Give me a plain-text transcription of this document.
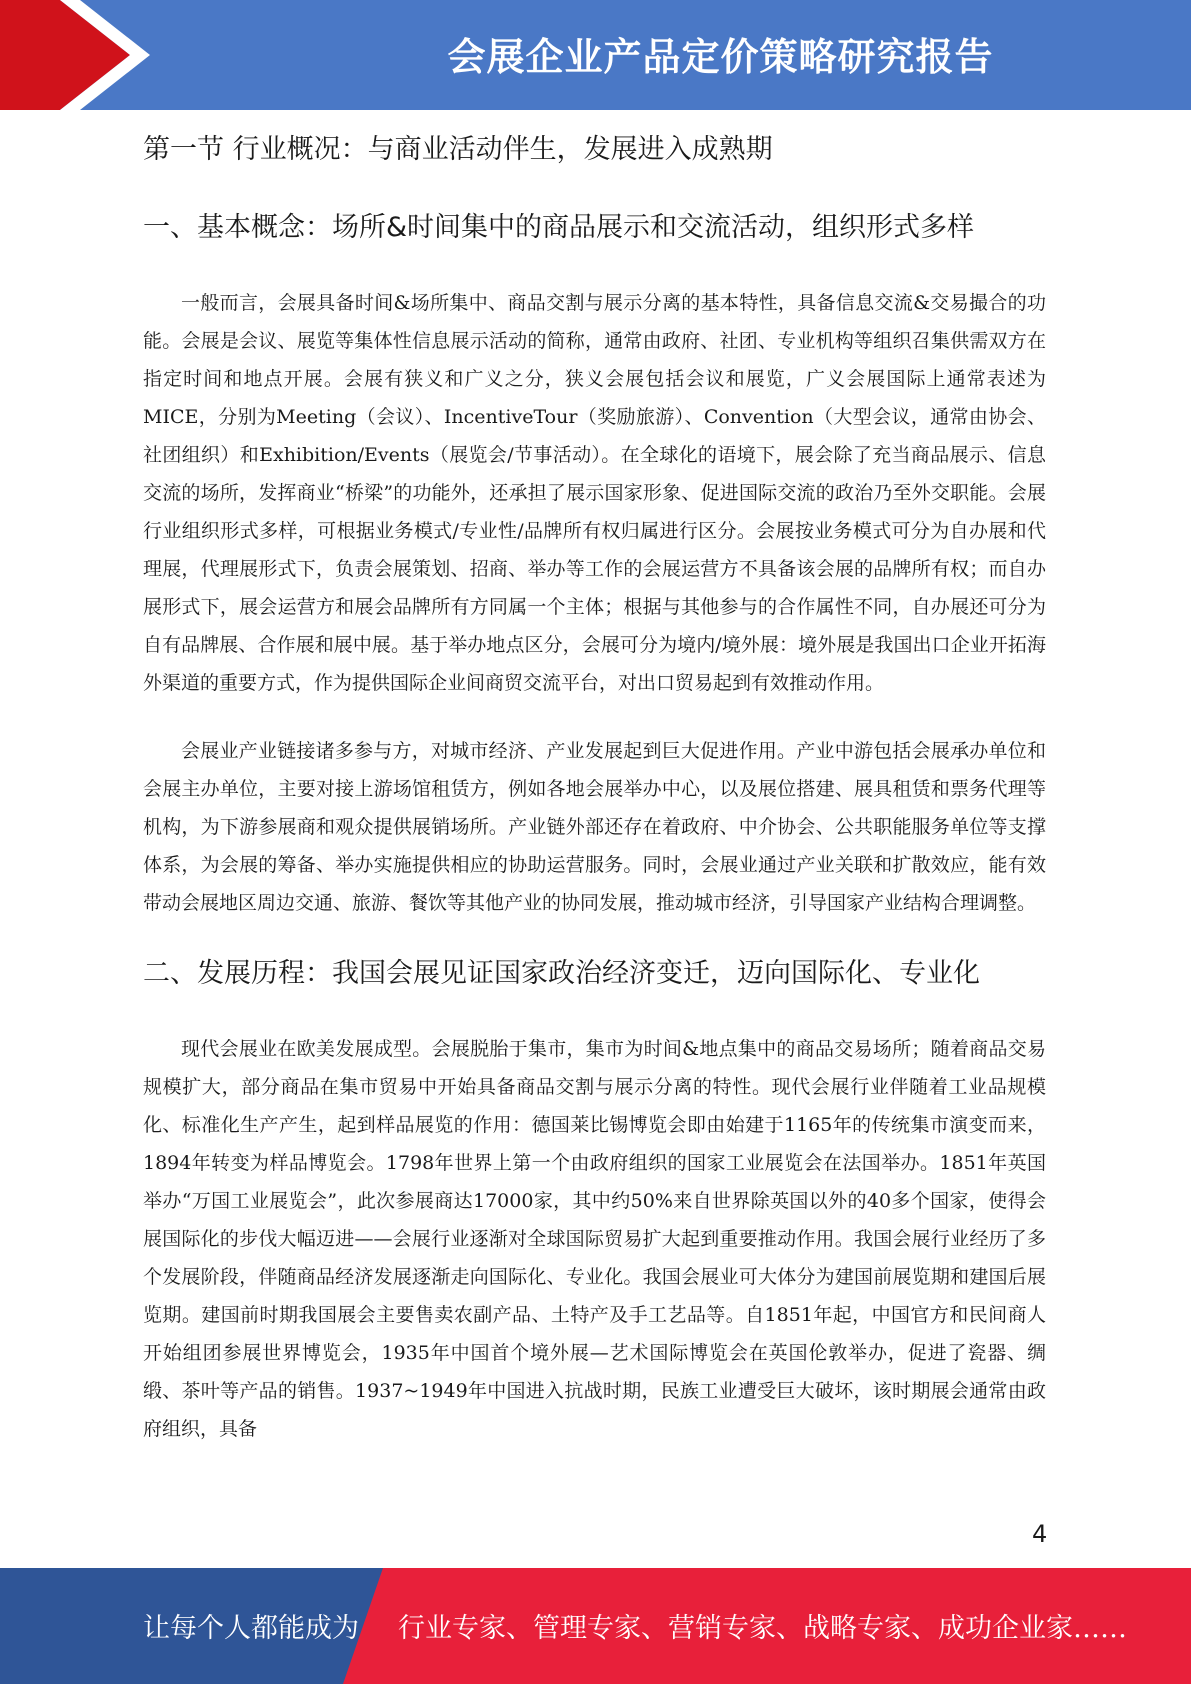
会展企业产品定价策略研究报告
第一节 行业概况：与商业活动伴生，发展进入成熟期
一、基本概念：场所&时间集中的商品展示和交流活动，组织形式多样

一般而言，会展具备时间&场所集中、商品交割与展示分离的基本特性，具备信息交流&交易撮合的功能。会展是会议、展览等集体性信息展示活动的简称，通常由政府、社团、专业机构等组织召集供需双方在指定时间和地点开展。会展有狭义和广义之分，狭义会展包括会议和展览，广义会展国际上通常表述为MICE，分别为Meeting（会议）、IncentiveTour（奖励旅游）、Convention（大型会议，通常由协会、社团组织）和Exhibition/Events（展览会/节事活动）。在全球化的语境下，展会除了充当商品展示、信息交流的场所，发挥商业“桥梁”的功能外，还承担了展示国家形象、促进国际交流的政治乃至外交职能。会展行业组织形式多样，可根据业务模式/专业性/品牌所有权归属进行区分。会展按业务模式可分为自办展和代理展，代理展形式下，负责会展策划、招商、举办等工作的会展运营方不具备该会展的品牌所有权；而自办展形式下，展会运营方和展会品牌所有方同属一个主体；根据与其他参与的合作属性不同，自办展还可分为自有品牌展、合作展和展中展。基于举办地点区分，会展可分为境内/境外展：境外展是我国出口企业开拓海外渠道的重要方式，作为提供国际企业间商贸交流平台，对出口贸易起到有效推动作用。

会展业产业链接诸多参与方，对城市经济、产业发展起到巨大促进作用。产业中游包括会展承办单位和会展主办单位，主要对接上游场馆租赁方，例如各地会展举办中心，以及展位搭建、展具租赁和票务代理等机构，为下游参展商和观众提供展销场所。产业链外部还存在着政府、中介协会、公共职能服务单位等支撑体系，为会展的筹备、举办实施提供相应的协助运营服务。同时，会展业通过产业关联和扩散效应，能有效带动会展地区周边交通、旅游、餐饮等其他产业的协同发展，推动城市经济，引导国家产业结构合理调整。

二、发展历程：我国会展见证国家政治经济变迁，迈向国际化、专业化

现代会展业在欧美发展成型。会展脱胎于集市，集市为时间&地点集中的商品交易场所；随着商品交易规模扩大，部分商品在集市贸易中开始具备商品交割与展示分离的特性。现代会展行业伴随着工业品规模化、标准化生产产生，起到样品展览的作用：德国莱比锡博览会即由始建于1165年的传统集市演变而来，1894年转变为样品博览会。1798年世界上第一个由政府组织的国家工业展览会在法国举办。1851年英国举办“万国工业展览会”，此次参展商达17000家，其中约50%来自世界除英国以外的40多个国家，使得会展国际化的步伐大幅迈进——会展行业逐渐对全球国际贸易扩大起到重要推动作用。我国会展行业经历了多个发展阶段，伴随商品经济发展逐渐走向国际化、专业化。我国会展业可大体分为建国前展览期和建国后展览期。建国前时期我国展会主要售卖农副产品、土特产及手工艺品等。自1851年起，中国官方和民间商人开始组团参展世界博览会，1935年中国首个境外展—艺术国际博览会在英国伦敦举办，促进了瓷器、绸缎、茶叶等产品的销售。1937~1949年中国进入抗战时期，民族工业遭受巨大破坏，该时期展会通常由政府组织，具备

4
让每个人都能成为 行业专家、管理专家、营销专家、战略专家、成功企业家……
